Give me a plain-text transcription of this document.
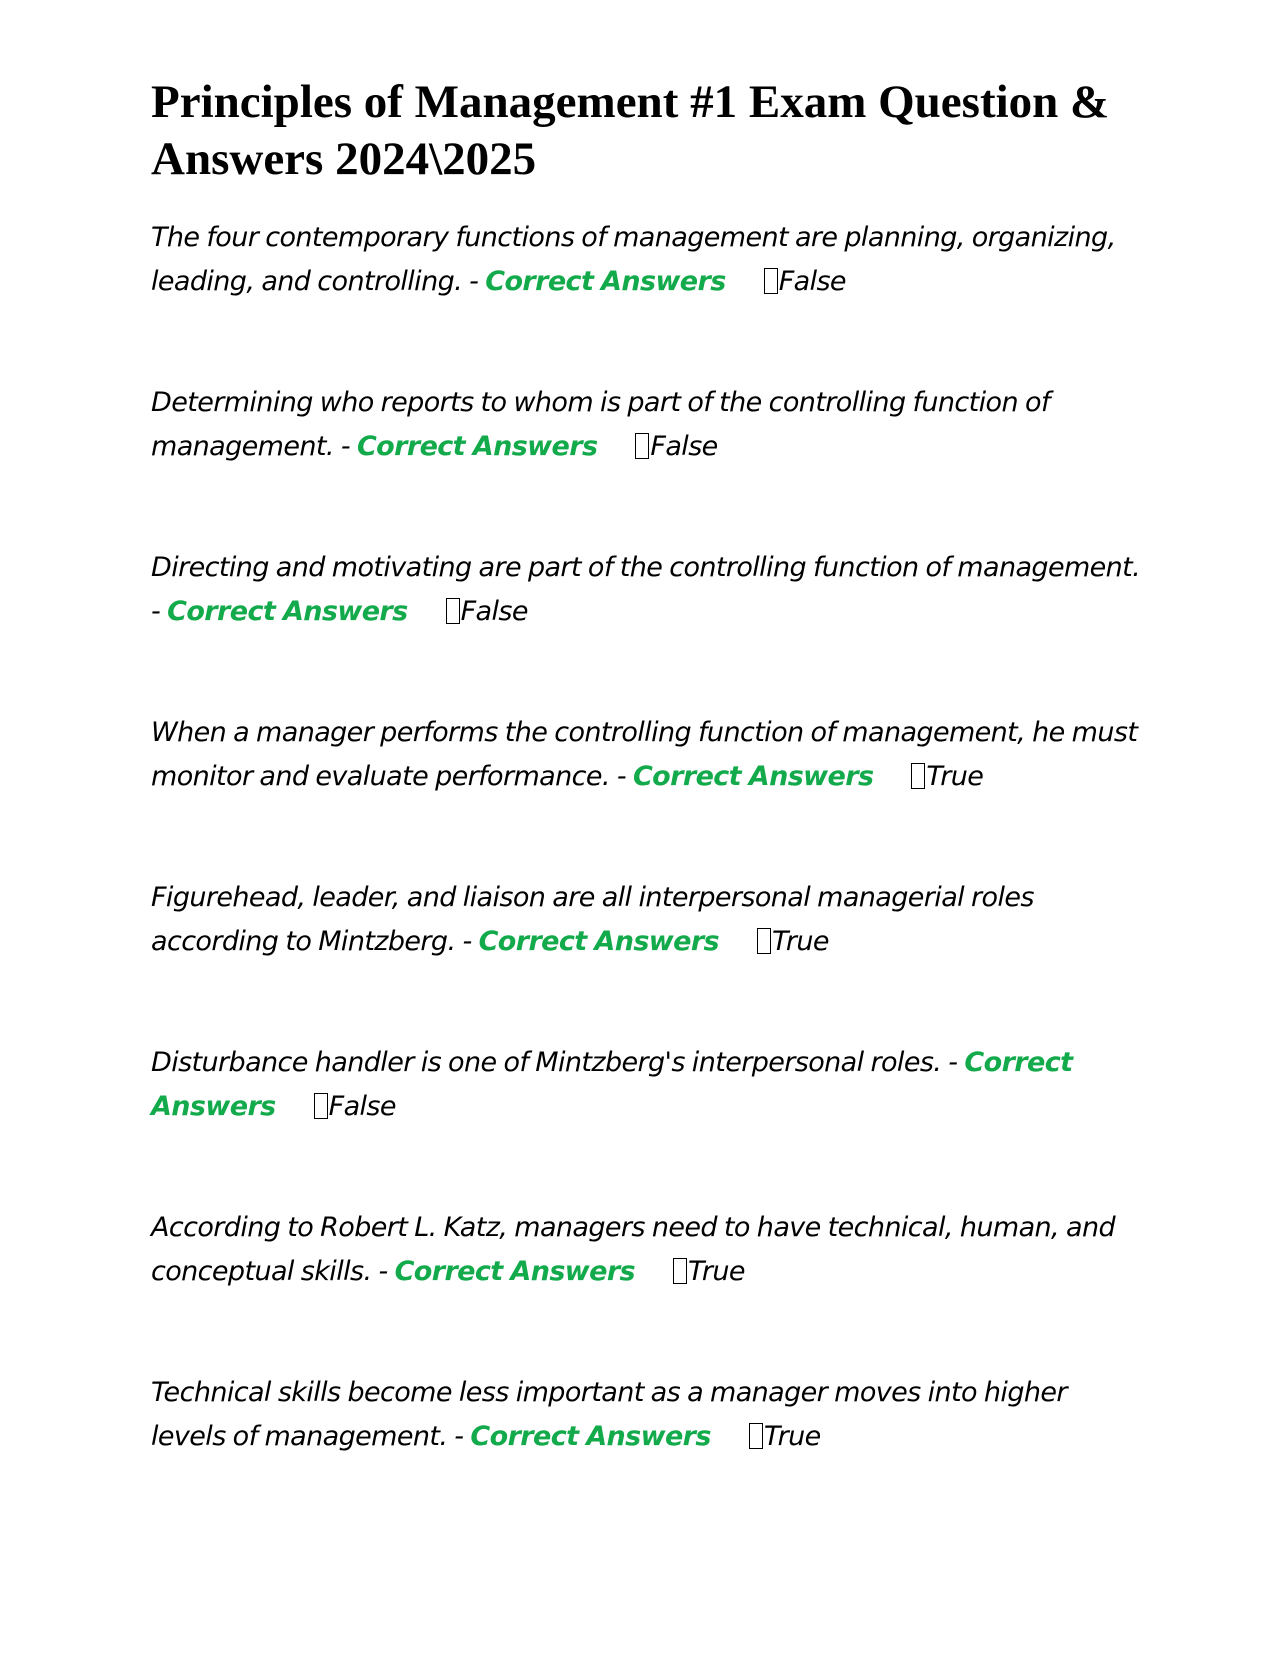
Principles of Management #1 Exam Question & Answers 2024\2025
The four contemporary functions of management are planning, organizing, leading, and controlling. - Correct Answers False
Determining who reports to whom is part of the controlling function of management. - Correct Answers False
Directing and motivating are part of the controlling function of management. - Correct Answers False
When a manager performs the controlling function of management, he must monitor and evaluate performance. - Correct Answers True
Figurehead, leader, and liaison are all interpersonal managerial roles according to Mintzberg. - Correct Answers True
Disturbance handler is one of Mintzberg's interpersonal roles. - Correct Answers False
According to Robert L. Katz, managers need to have technical, human, and conceptual skills. - Correct Answers True
Technical skills become less important as a manager moves into higher levels of management. - Correct Answers True
